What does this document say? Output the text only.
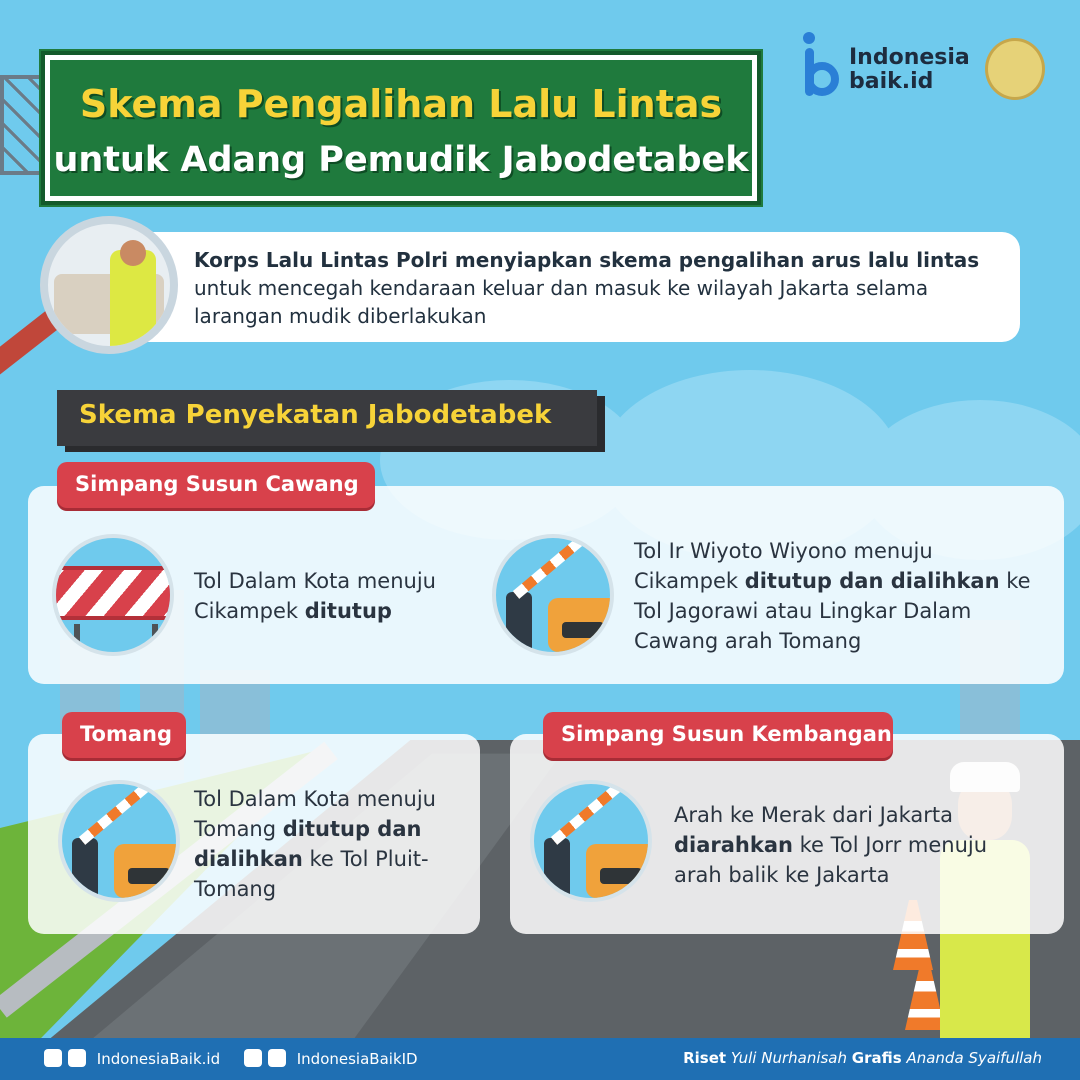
Skema Pengalihan Lalu Lintas
untuk Adang Pemudik Jabodetabek
Indonesia
baik.id

Korps Lalu Lintas Polri menyiapkan skema pengalihan arus lalu lintas untuk mencegah kendaraan keluar dan masuk ke wilayah Jakarta selama larangan mudik diberlakukan

Skema Penyekatan Jabodetabek
Simpang Susun Cawang

Tol Dalam Kota menuju Cikampek ditutup

Tol Ir Wiyoto Wiyono menuju Cikampek ditutup dan dialihkan ke Tol Jagorawi atau Lingkar Dalam Cawang arah Tomang

Tomang

Tol Dalam Kota menuju Tomang ditutup dan dialihkan ke Tol Pluit-Tomang

Simpang Susun Kembangan

Arah ke Merak dari Jakarta diarahkan ke Tol Jorr menuju arah balik ke Jakarta

IndonesiaBaik.id	IndonesiaBaikID	Riset Yuli Nurhanisah Grafis Ananda Syaifullah
